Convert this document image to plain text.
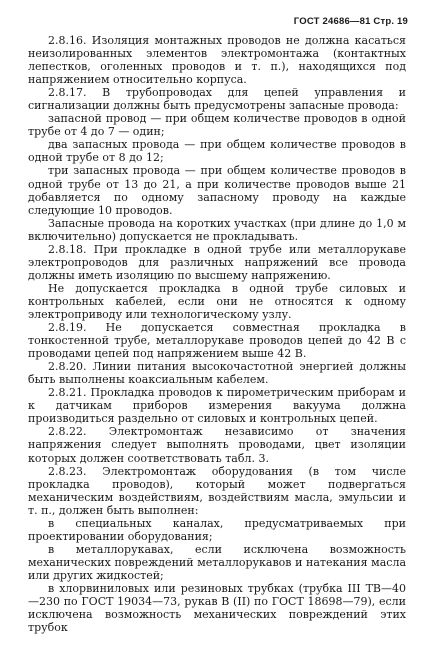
ГОСТ 24686—81 Стр. 19

2.8.16. Изоляция монтажных проводов не должна касаться неизолированных элементов электромонтажа (контактных лепестков, оголенных проводов и т. п.), находящихся под напряжением относительно корпуса.

2.8.17. В трубопроводах для цепей управления и сигнализации должны быть предусмотрены запасные провода:

запасной провод — при общем количестве проводов в одной трубе от 4 до 7 — один;

два запасных провода — при общем количестве проводов в одной трубе от 8 до 12;

три запасных провода — при общем количестве проводов в одной трубе от 13 до 21, а при количестве проводов выше 21 добавляется по одному запасному проводу на каждые следующие 10 проводов.

Запасные провода на коротких участках (при длине до 1,0 м включительно) допускается не прокладывать.

2.8.18. При прокладке в одной трубе или металлорукаве электропроводов для различных напряжений все провода должны иметь изоляцию по высшему напряжению.

Не допускается прокладка в одной трубе силовых и контрольных кабелей, если они не относятся к одному электроприводу или технологическому узлу.

2.8.19. Не допускается совместная прокладка в тонкостенной трубе, металлорукаве проводов цепей до 42 В с проводами цепей под напряжением выше 42 В.

2.8.20. Линии питания высокочастотной энергией должны быть выполнены коаксиальным кабелем.

2.8.21. Прокладка проводов к пирометрическим приборам и к датчикам приборов измерения вакуума должна производиться раздельно от силовых и контрольных цепей.

2.8.22. Электромонтаж независимо от значения напряжения следует выполнять проводами, цвет изоляции которых должен соответствовать табл. 3.

2.8.23. Электромонтаж оборудования (в том числе прокладка проводов), который может подвергаться механическим воздействиям, воздействиям масла, эмульсии и т. п., должен быть выполнен:

в специальных каналах, предусматриваемых при проектировании оборудования;

в металлорукавах, если исключена возможность механических повреждений металлорукавов и натекания масла или других жидкостей;

в хлорвиниловых или резиновых трубках (трубка III ТВ—40—230 по ГОСТ 19034—73, рукав В (II) по ГОСТ 18698—79), если исключена возможность механических повреждений этих трубок
